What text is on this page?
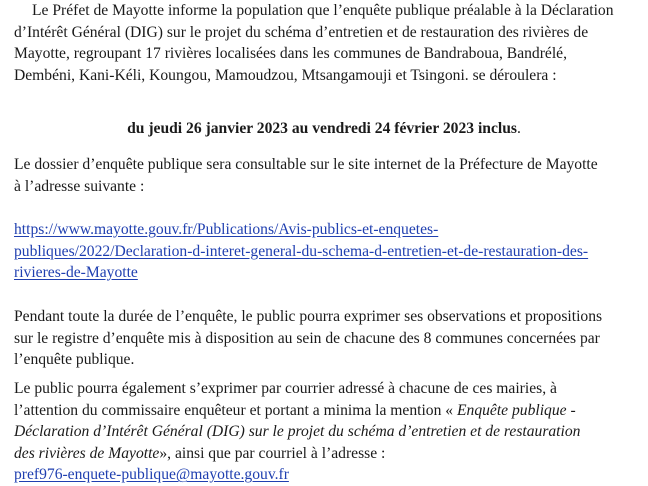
Le Préfet de Mayotte informe la population que l’enquête publique préalable à la Déclaration
d’Intérêt Général (DIG) sur le projet du schéma d’entretien et de restauration des rivières de
Mayotte, regroupant 17 rivières localisées dans les communes de Bandraboua, Bandrélé,
Dembéni, Kani-Kéli, Koungou, Mamoudzou, Mtsangamouji et Tsingoni. se déroulera :
du jeudi 26 janvier 2023 au vendredi 24 février 2023 inclus.
Le dossier d’enquête publique sera consultable sur le site internet de la Préfecture de Mayotte
à l’adresse suivante :
https://www.mayotte.gouv.fr/Publications/Avis-publics-et-enquetes-
publiques/2022/Declaration-d-interet-general-du-schema-d-entretien-et-de-restauration-des-
rivieres-de-Mayotte
Pendant toute la durée de l’enquête, le public pourra exprimer ses observations et propositions
sur le registre d’enquête mis à disposition au sein de chacune des 8 communes concernées par
l’enquête publique.
Le public pourra également s’exprimer par courrier adressé à chacune de ces mairies, à
l’attention du commissaire enquêteur et portant a minima la mention « Enquête publique -
Déclaration d’Intérêt Général (DIG) sur le projet du schéma d’entretien et de restauration
des rivières de Mayotte», ainsi que par courriel à l’adresse :
pref976-enquete-publique@mayotte.gouv.fr
